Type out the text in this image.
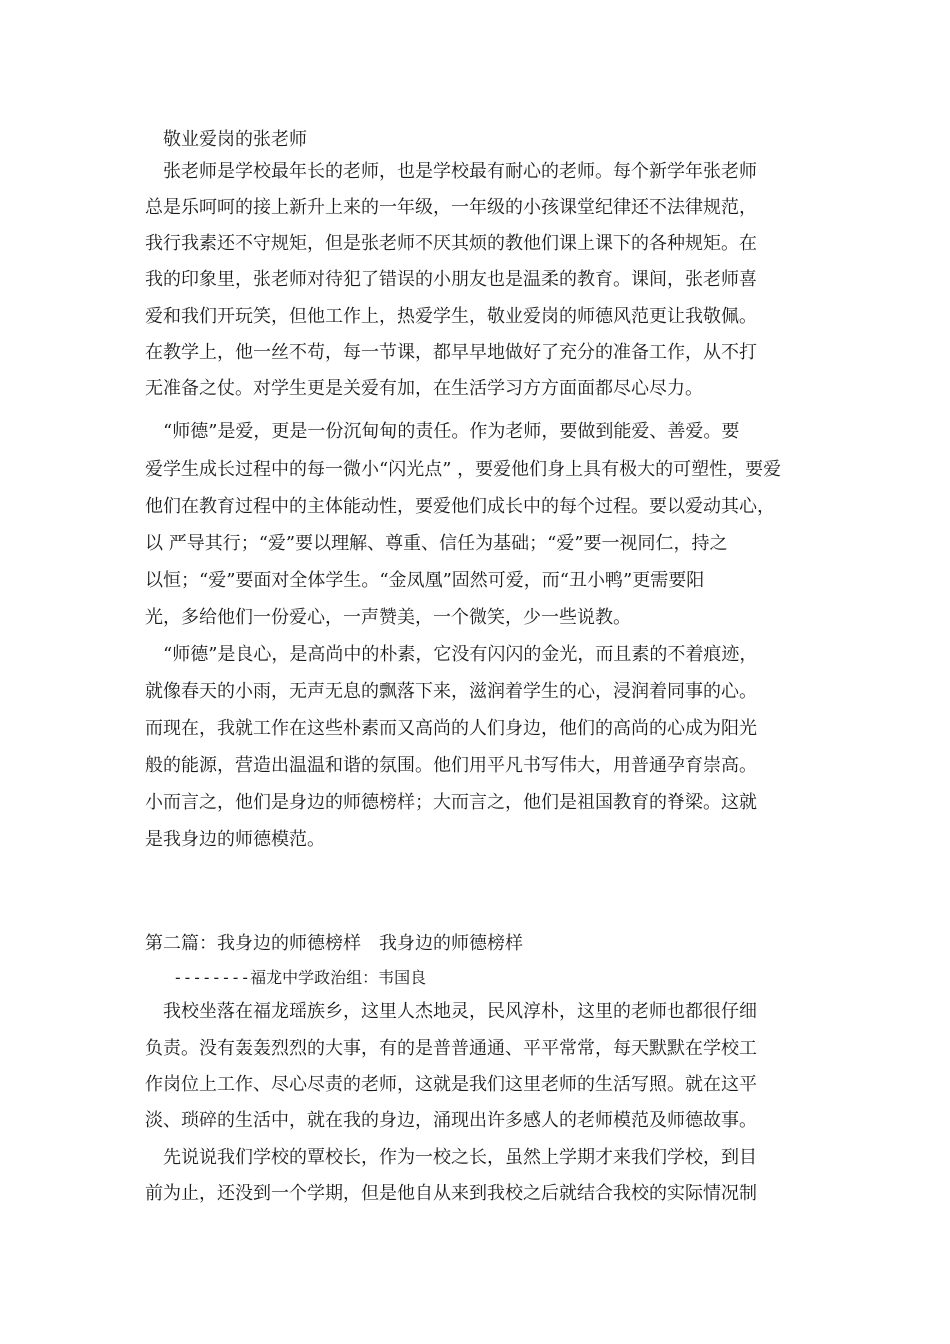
敬业爱岗的张老师
张老师是学校最年长的老师，也是学校最有耐心的老师。每个新学年张老师
总是乐呵呵的接上新升上来的一年级，一年级的小孩课堂纪律还不法律规范，
我行我素还不守规矩，但是张老师不厌其烦的教他们课上课下的各种规矩。在
我的印象里，张老师对待犯了错误的小朋友也是温柔的教育。课间，张老师喜
爱和我们开玩笑，但他工作上，热爱学生，敬业爱岗的师德风范更让我敬佩。
在教学上，他一丝不苟，每一节课，都早早地做好了充分的准备工作，从不打
无准备之仗。对学生更是关爱有加，在生活学习方方面面都尽心尽力。
“师德”是爱，更是一份沉甸甸的责任。作为老师，要做到能爱、善爱。要
爱学生成长过程中的每一微小“闪光点” ，要爱他们身上具有极大的可塑性，要爱
他们在教育过程中的主体能动性，要爱他们成长中的每个过程。要以爱动其心，
以 严导其行；“爱”要以理解、尊重、信任为基础；“爱”要一视同仁，持之
以恒；“爱”要面对全体学生。“金凤凰”固然可爱，而“丑小鸭”更需要阳
光，多给他们一份爱心，一声赞美，一个微笑，少一些说教。
“师德”是良心，是高尚中的朴素，它没有闪闪的金光，而且素的不着痕迹，
就像春天的小雨，无声无息的飘落下来，滋润着学生的心，浸润着同事的心。
而现在，我就工作在这些朴素而又高尚的人们身边，他们的高尚的心成为阳光
般的能源，营造出温温和谐的氛围。他们用平凡书写伟大，用普通孕育崇高。
小而言之，他们是身边的师德榜样；大而言之，他们是祖国教育的脊梁。这就
是我身边的师德模范。
第二篇：我身边的师德榜样　我身边的师德榜样
--------福龙中学政治组：韦国良
我校坐落在福龙瑶族乡，这里人杰地灵，民风淳朴，这里的老师也都很仔细
负责。没有轰轰烈烈的大事，有的是普普通通、平平常常，每天默默在学校工
作岗位上工作、尽心尽责的老师，这就是我们这里老师的生活写照。就在这平
淡、琐碎的生活中，就在我的身边，涌现出许多感人的老师模范及师德故事。
先说说我们学校的覃校长，作为一校之长，虽然上学期才来我们学校，到目
前为止，还没到一个学期，但是他自从来到我校之后就结合我校的实际情况制
